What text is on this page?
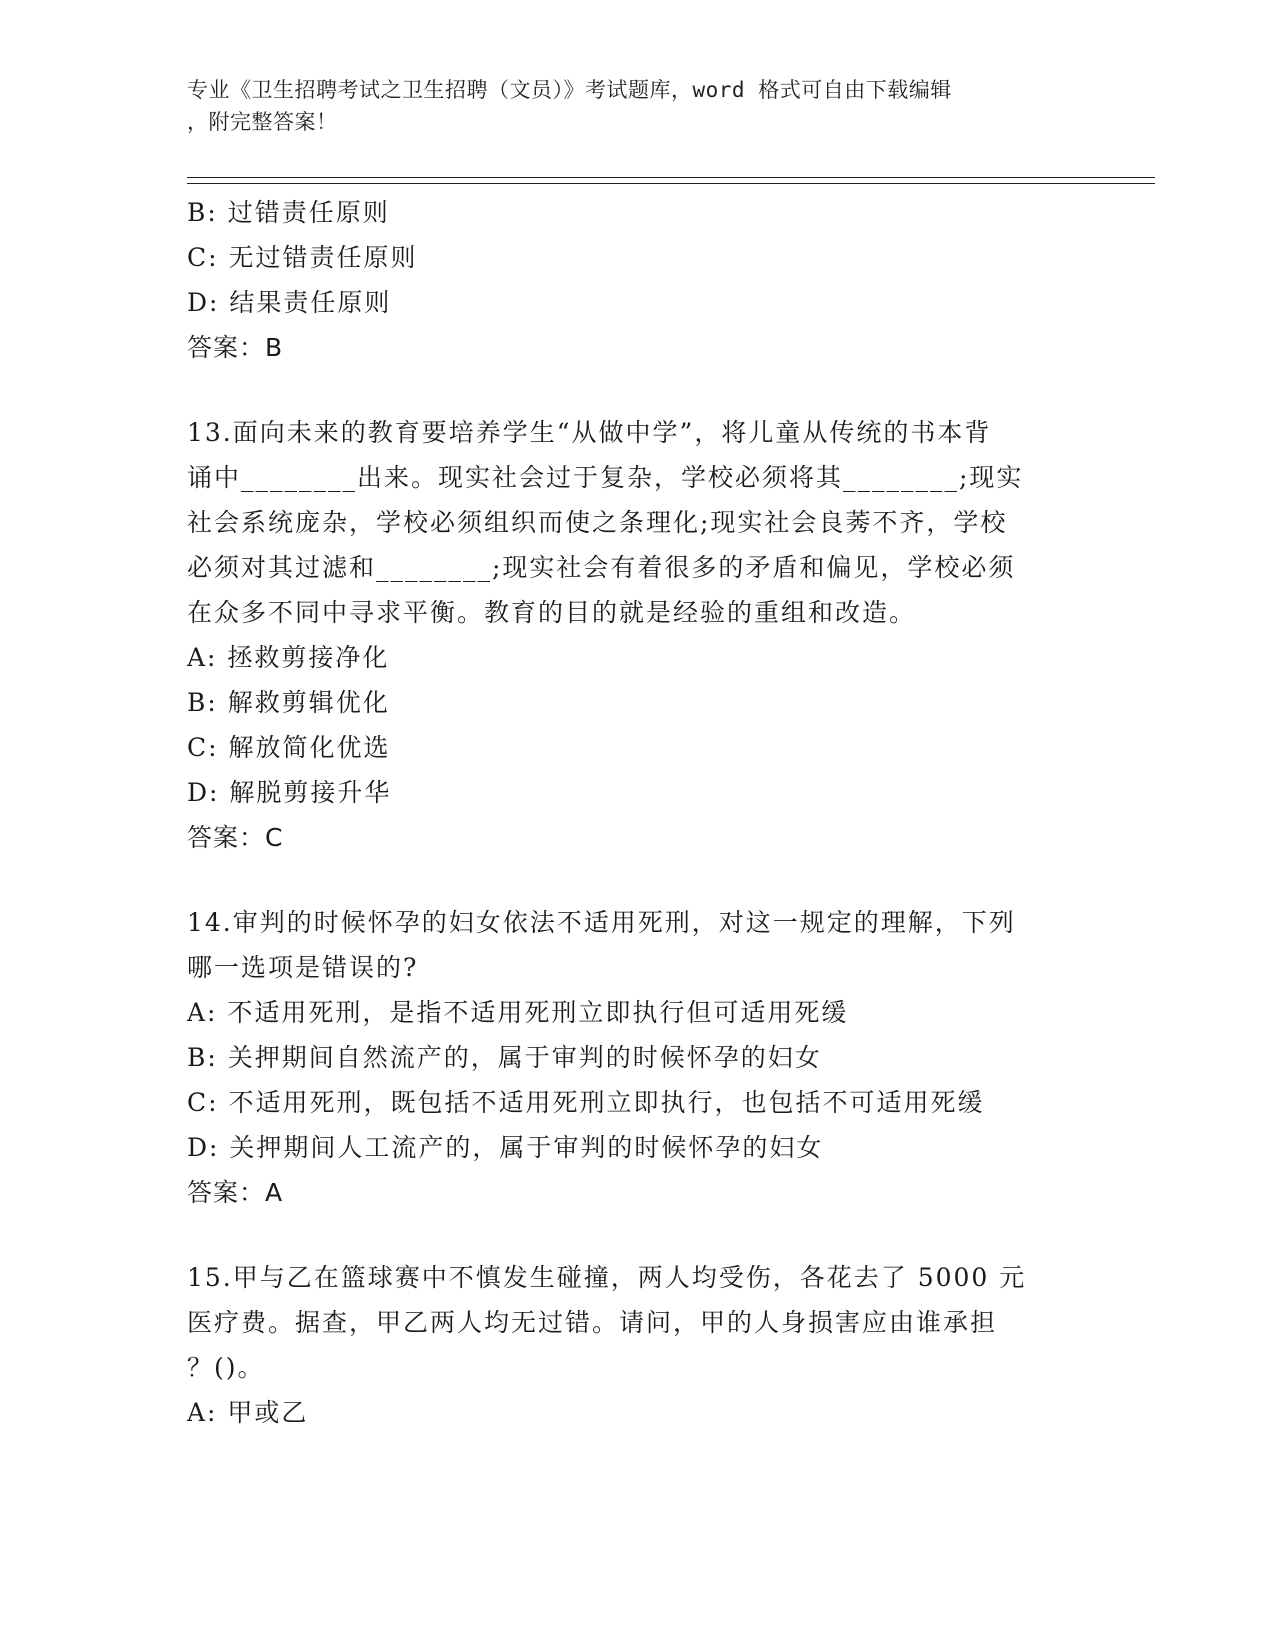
专业《卫生招聘考试之卫生招聘（文员）》考试题库，word 格式可自由下载编辑
，附完整答案！
B: 过错责任原则
C: 无过错责任原则
D: 结果责任原则
答案：B
13.面向未来的教育要培养学生“从做中学”，将儿童从传统的书本背
诵中________出来。现实社会过于复杂，学校必须将其________;现实
社会系统庞杂，学校必须组织而使之条理化;现实社会良莠不齐，学校
必须对其过滤和________;现实社会有着很多的矛盾和偏见，学校必须
在众多不同中寻求平衡。教育的目的就是经验的重组和改造。
A: 拯救剪接净化
B: 解救剪辑优化
C: 解放简化优选
D: 解脱剪接升华
答案：C
14.审判的时候怀孕的妇女依法不适用死刑，对这一规定的理解，下列
哪一选项是错误的?
A: 不适用死刑，是指不适用死刑立即执行但可适用死缓
B: 关押期间自然流产的，属于审判的时候怀孕的妇女
C: 不适用死刑，既包括不适用死刑立即执行，也包括不可适用死缓
D: 关押期间人工流产的，属于审判的时候怀孕的妇女
答案：A
15.甲与乙在篮球赛中不慎发生碰撞，两人均受伤，各花去了 5000 元
医疗费。据查，甲乙两人均无过错。请问，甲的人身损害应由谁承担
？()。
A: 甲或乙
